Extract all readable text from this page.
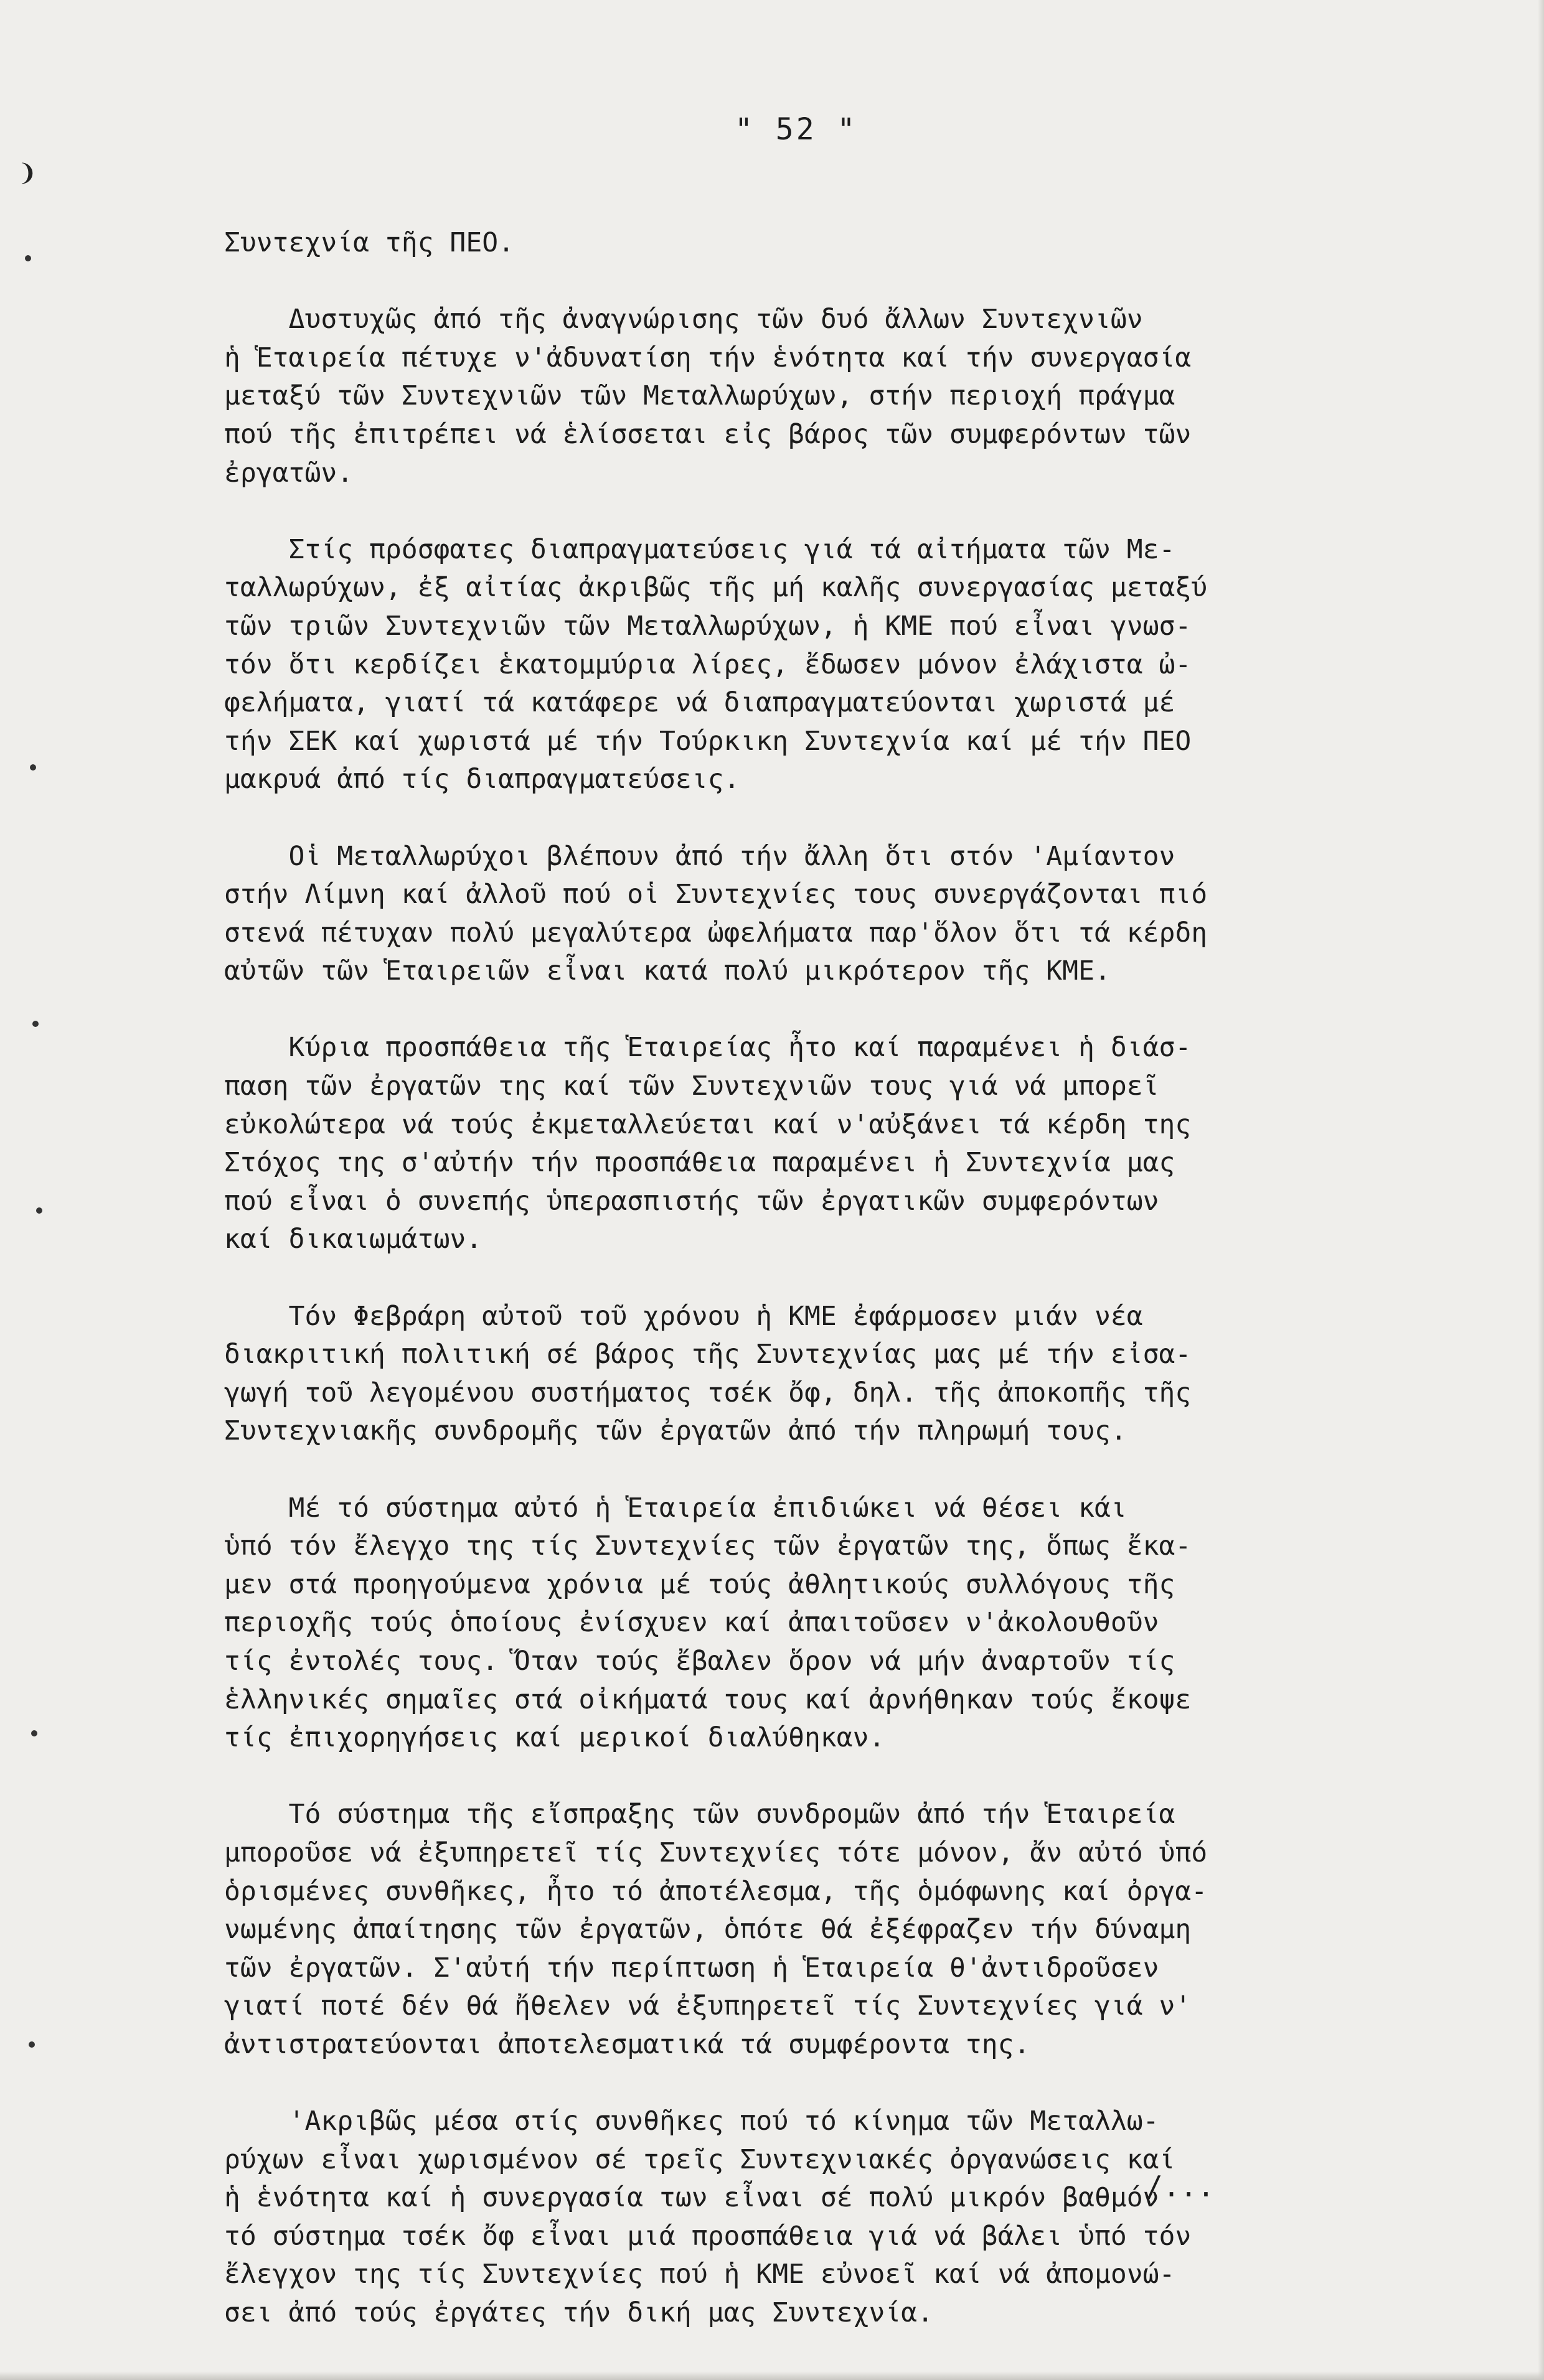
❩
" 52 "
Συντεχνία τῆς ΠΕΟ.
Δυστυχῶς ἀπό τῆς ἀναγνώρισης τῶν δυό ἄλλων Συντεχνιῶν
ἡ Ἑταιρεία πέτυχε ν'ἀδυνατίση τήν ἑνότητα καί τήν συνεργασία
μεταξύ τῶν Συντεχνιῶν τῶν Μεταλλωρύχων, στήν περιοχή πράγμα
πού τῆς ἐπιτρέπει νά ἑλίσσεται εἰς βάρος τῶν συμφερόντων τῶν
ἐργατῶν.
Στίς πρόσφατες διαπραγματεύσεις γιά τά αἰτήματα τῶν Με-
ταλλωρύχων, ἐξ αἰτίας ἀκριβῶς τῆς μή καλῆς συνεργασίας μεταξύ
τῶν τριῶν Συντεχνιῶν τῶν Μεταλλωρύχων, ἡ ΚΜΕ πού εἶναι γνωσ-
τόν ὅτι κερδίζει ἑκατομμύρια λίρες, ἔδωσεν μόνον ἐλάχιστα ὠ-
φελήματα, γιατί τά κατάφερε νά διαπραγματεύονται χωριστά μέ
τήν ΣΕΚ καί χωριστά μέ τήν Τούρκικη Συντεχνία καί μέ τήν ΠΕΟ
μακρυά ἀπό τίς διαπραγματεύσεις.
Οἱ Μεταλλωρύχοι βλέπουν ἀπό τήν ἄλλη ὅτι στόν 'Αμίαντον
στήν Λίμνη καί ἀλλοῦ πού οἱ Συντεχνίες τους συνεργάζονται πιό
στενά πέτυχαν πολύ μεγαλύτερα ὠφελήματα παρ'ὅλον ὅτι τά κέρδη
αὐτῶν τῶν Ἑταιρειῶν εἶναι κατά πολύ μικρότερον τῆς ΚΜΕ.
Κύρια προσπάθεια τῆς Ἑταιρείας ἦτο καί παραμένει ἡ διάσ-
παση τῶν ἐργατῶν της καί τῶν Συντεχνιῶν τους γιά νά μπορεῖ
εὐκολώτερα νά τούς ἐκμεταλλεύεται καί ν'αὐξάνει τά κέρδη της
Στόχος της σ'αὐτήν τήν προσπάθεια παραμένει ἡ Συντεχνία μας
πού εἶναι ὁ συνεπής ὑπερασπιστής τῶν ἐργατικῶν συμφερόντων
καί δικαιωμάτων.
Τόν Φεβράρη αὐτοῦ τοῦ χρόνου ἡ ΚΜΕ ἐφάρμοσεν μιάν νέα
διακριτική πολιτική σέ βάρος τῆς Συντεχνίας μας μέ τήν εἰσα-
γωγή τοῦ λεγομένου συστήματος τσέκ ὄφ, δηλ. τῆς ἀποκοπῆς τῆς
Συντεχνιακῆς συνδρομῆς τῶν ἐργατῶν ἀπό τήν πληρωμή τους.
Μέ τό σύστημα αὐτό ἡ Ἑταιρεία ἐπιδιώκει νά θέσει κάι
ὑπό τόν ἔλεγχο της τίς Συντεχνίες τῶν ἐργατῶν της, ὅπως ἔκα-
μεν στά προηγούμενα χρόνια μέ τούς ἀθλητικούς συλλόγους τῆς
περιοχῆς τούς ὁποίους ἐνίσχυεν καί ἀπαιτοῦσεν ν'ἀκολουθοῦν
τίς ἐντολές τους. Ὅταν τούς ἔβαλεν ὅρον νά μήν ἀναρτοῦν τίς
ἑλληνικές σημαῖες στά οἰκήματά τους καί ἀρνήθηκαν τούς ἔκοψε
τίς ἐπιχορηγήσεις καί μερικοί διαλύθηκαν.
Τό σύστημα τῆς εἴσπραξης τῶν συνδρομῶν ἀπό τήν Ἑταιρεία
μποροῦσε νά ἐξυπηρετεῖ τίς Συντεχνίες τότε μόνον, ἄν αὐτό ὑπό
ὁρισμένες συνθῆκες, ἦτο τό ἀποτέλεσμα, τῆς ὁμόφωνης καί ὀργα-
νωμένης ἀπαίτησης τῶν ἐργατῶν, ὁπότε θά ἐξέφραζεν τήν δύναμη
τῶν ἐργατῶν. Σ'αὐτή τήν περίπτωση ἡ Ἑταιρεία θ'ἀντιδροῦσεν
γιατί ποτέ δέν θά ἤθελεν νά ἐξυπηρετεῖ τίς Συντεχνίες γιά ν'
ἀντιστρατεύονται ἀποτελεσματικά τά συμφέροντα της.
'Ακριβῶς μέσα στίς συνθῆκες πού τό κίνημα τῶν Μεταλλω-
ρύχων εἶναι χωρισμένον σέ τρεῖς Συντεχνιακές ὀργανώσεις καί
ἡ ἑνότητα καί ἡ συνεργασία των εἶναι σέ πολύ μικρόν βαθμόν
τό σύστημα τσέκ ὄφ εἶναι μιά προσπάθεια γιά νά βάλει ὑπό τόν
ἔλεγχον της τίς Συντεχνίες πού ἡ ΚΜΕ εὐνοεῖ καί νά ἀπομονώ-
σει ἀπό τούς ἐργάτες τήν δική μας Συντεχνία.
/...
